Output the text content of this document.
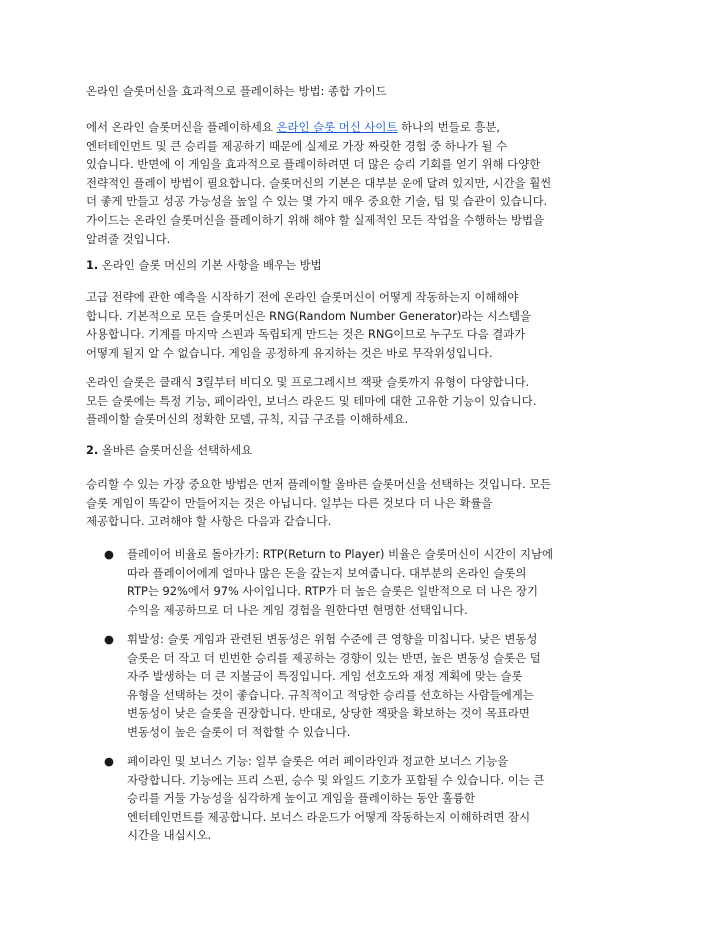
온라인 슬롯머신을 효과적으로 플레이하는 방법: 종합 가이드
에서 온라인 슬롯머신을 플레이하세요 온라인 슬롯 머신 사이트 하나의 번들로 흥분,
엔터테인먼트 및 큰 승리를 제공하기 때문에 실제로 가장 짜릿한 경험 중 하나가 될 수
있습니다. 반면에 이 게임을 효과적으로 플레이하려면 더 많은 승리 기회를 얻기 위해 다양한
전략적인 플레이 방법이 필요합니다. 슬롯머신의 기본은 대부분 운에 달려 있지만, 시간을 훨씬
더 좋게 만들고 성공 가능성을 높일 수 있는 몇 가지 매우 중요한 기술, 팁 및 습관이 있습니다.
가이드는 온라인 슬롯머신을 플레이하기 위해 해야 할 실제적인 모든 작업을 수행하는 방법을
알려줄 것입니다.
1. 온라인 슬롯 머신의 기본 사항을 배우는 방법
고급 전략에 관한 예측을 시작하기 전에 온라인 슬롯머신이 어떻게 작동하는지 이해해야
합니다. 기본적으로 모든 슬롯머신은 RNG(Random Number Generator)라는 시스템을
사용합니다. 기계를 마지막 스핀과 독립되게 만드는 것은 RNG이므로 누구도 다음 결과가
어떻게 될지 알 수 없습니다. 게임을 공정하게 유지하는 것은 바로 무작위성입니다.
온라인 슬롯은 클래식 3릴부터 비디오 및 프로그레시브 잭팟 슬롯까지 유형이 다양합니다.
모든 슬롯에는 특정 기능, 페이라인, 보너스 라운드 및 테마에 대한 고유한 기능이 있습니다.
플레이할 슬롯머신의 정확한 모델, 규칙, 지급 구조를 이해하세요.
2. 올바른 슬롯머신을 선택하세요
승리할 수 있는 가장 중요한 방법은 먼저 플레이할 올바른 슬롯머신을 선택하는 것입니다. 모든
슬롯 게임이 똑같이 만들어지는 것은 아닙니다. 일부는 다른 것보다 더 나은 확률을
제공합니다. 고려해야 할 사항은 다음과 같습니다.
●	플레이어 비율로 돌아가기: RTP(Return to Player) 비율은 슬롯머신이 시간이 지남에
따라 플레이어에게 얼마나 많은 돈을 갚는지 보여줍니다. 대부분의 온라인 슬롯의
RTP는 92%에서 97% 사이입니다. RTP가 더 높은 슬롯은 일반적으로 더 나은 장기
수익을 제공하므로 더 나은 게임 경험을 원한다면 현명한 선택입니다.
●	휘발성: 슬롯 게임과 관련된 변동성은 위험 수준에 큰 영향을 미칩니다. 낮은 변동성
슬롯은 더 작고 더 빈번한 승리를 제공하는 경향이 있는 반면, 높은 변동성 슬롯은 덜
자주 발생하는 더 큰 지불금이 특징입니다. 게임 선호도와 재정 계획에 맞는 슬롯
유형을 선택하는 것이 좋습니다. 규칙적이고 적당한 승리를 선호하는 사람들에게는
변동성이 낮은 슬롯을 권장합니다. 반대로, 상당한 잭팟을 확보하는 것이 목표라면
변동성이 높은 슬롯이 더 적합할 수 있습니다.
●	페이라인 및 보너스 기능: 일부 슬롯은 여러 페이라인과 정교한 보너스 기능을
자랑합니다. 기능에는 프리 스핀, 승수 및 와일드 기호가 포함될 수 있습니다. 이는 큰
승리를 거둘 가능성을 심각하게 높이고 게임을 플레이하는 동안 훌륭한
엔터테인먼트를 제공합니다. 보너스 라운드가 어떻게 작동하는지 이해하려면 잠시
시간을 내십시오.
